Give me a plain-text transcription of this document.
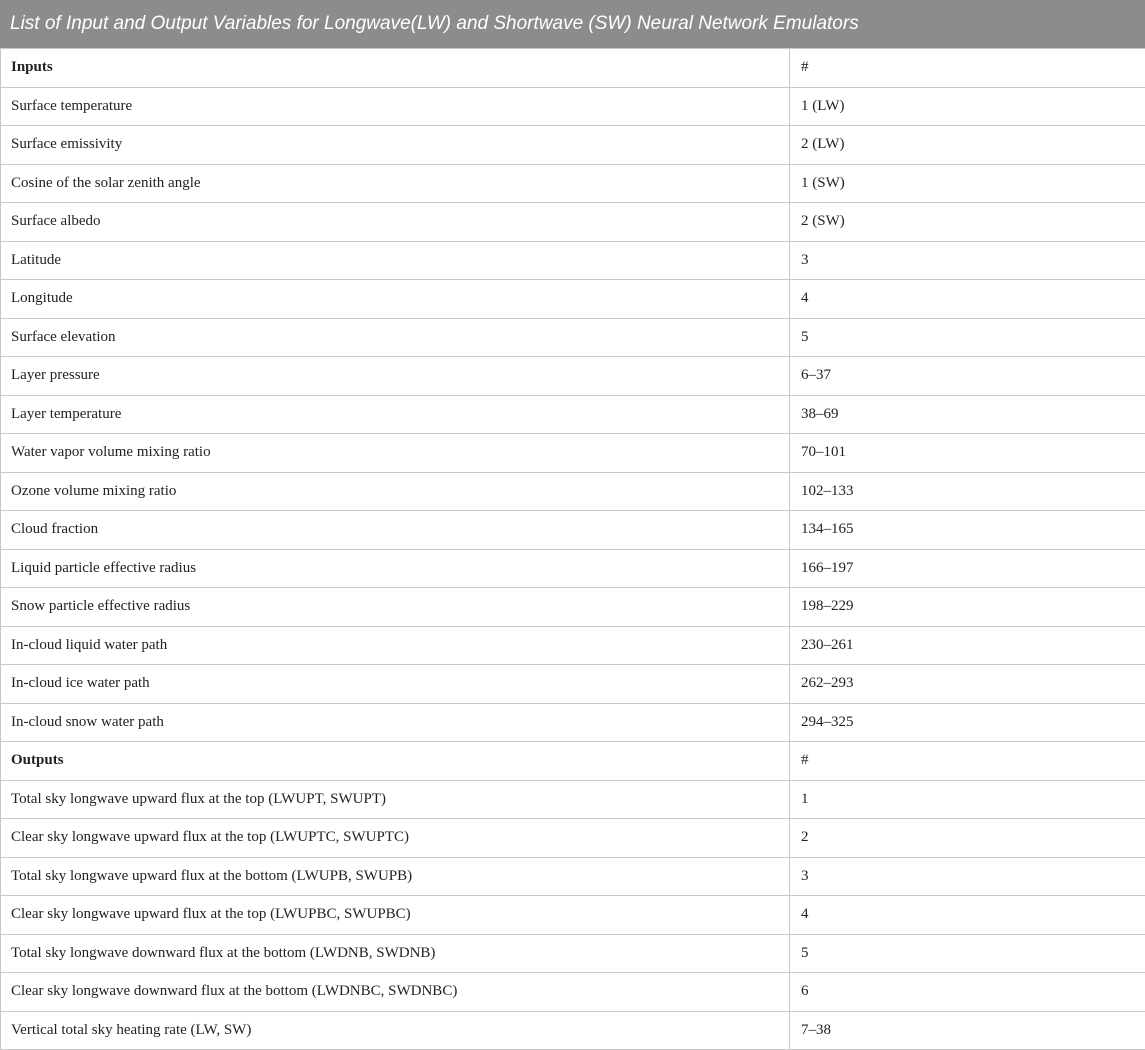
List of Input and Output Variables for Longwave(LW) and Shortwave (SW) Neural Network Emulators
Inputs	#
Surface temperature	1 (LW)
Surface emissivity	2 (LW)
Cosine of the solar zenith angle	1 (SW)
Surface albedo	2 (SW)
Latitude	3
Longitude	4
Surface elevation	5
Layer pressure	6–37
Layer temperature	38–69
Water vapor volume mixing ratio	70–101
Ozone volume mixing ratio	102–133
Cloud fraction	134–165
Liquid particle effective radius	166–197
Snow particle effective radius	198–229
In-cloud liquid water path	230–261
In-cloud ice water path	262–293
In-cloud snow water path	294–325
Outputs	#
Total sky longwave upward flux at the top (LWUPT, SWUPT)	1
Clear sky longwave upward flux at the top (LWUPTC, SWUPTC)	2
Total sky longwave upward flux at the bottom (LWUPB, SWUPB)	3
Clear sky longwave upward flux at the top (LWUPBC, SWUPBC)	4
Total sky longwave downward flux at the bottom (LWDNB, SWDNB)	5
Clear sky longwave downward flux at the bottom (LWDNBC, SWDNBC)	6
Vertical total sky heating rate (LW, SW)	7–38
